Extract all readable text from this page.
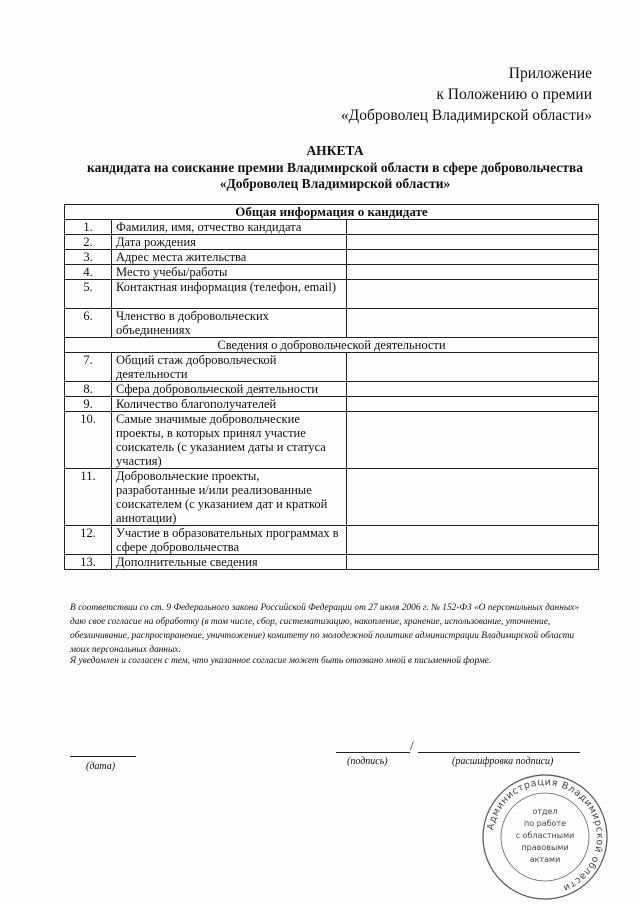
Приложение
к Положению о премии
«Доброволец Владимирской области»
АНКЕТА
кандидата на соискание премии Владимирской области в сфере добровольчества
«Доброволец Владимирской области»
Общая информация о кандидате		
1.	Фамилия, имя, отчество кандидата	
2.	Дата рождения	
3.	Адрес места жительства	
4.	Место учебы/работы	
5.	Контактная информация (телефон, email)	
6.	Членство в добровольческих объединениях	
Сведения о добровольческой деятельности		
7.	Общий стаж добровольческой деятельности	
8.	Сфера добровольческой деятельности	
9.	Количество благополучателей	
10.	Самые значимые добровольческие проекты, в которых принял участие соискатель (с указанием даты и статуса участия)	
11.	Добровольческие проекты, разработанные и/или реализованные соискателем (с указанием дат и краткой аннотации)	
12.	Участие в образовательных программах в сфере добровольчества	
13.	Дополнительные сведения	

В соответствии со ст. 9 Федерального закона Российской Федерации от 27 июля 2006 г. № 152-ФЗ «О персональных данных» даю свое согласие на обработку (в том числе, сбор, систематизацию, накопление, хранение, использование, уточнение, обезличивание, распространение, уничтожение) комитету по молодежной политике администрации Владимирской области моих персональных данных.

Я уведомлен и согласен с тем, что указанное согласие может быть отозвано мной в письменной форме.

(дата)
/
(подпись)	(расшифровка подписи)
Администрация Владимирской области
отдел
по работе
с областными
правовыми
актами
